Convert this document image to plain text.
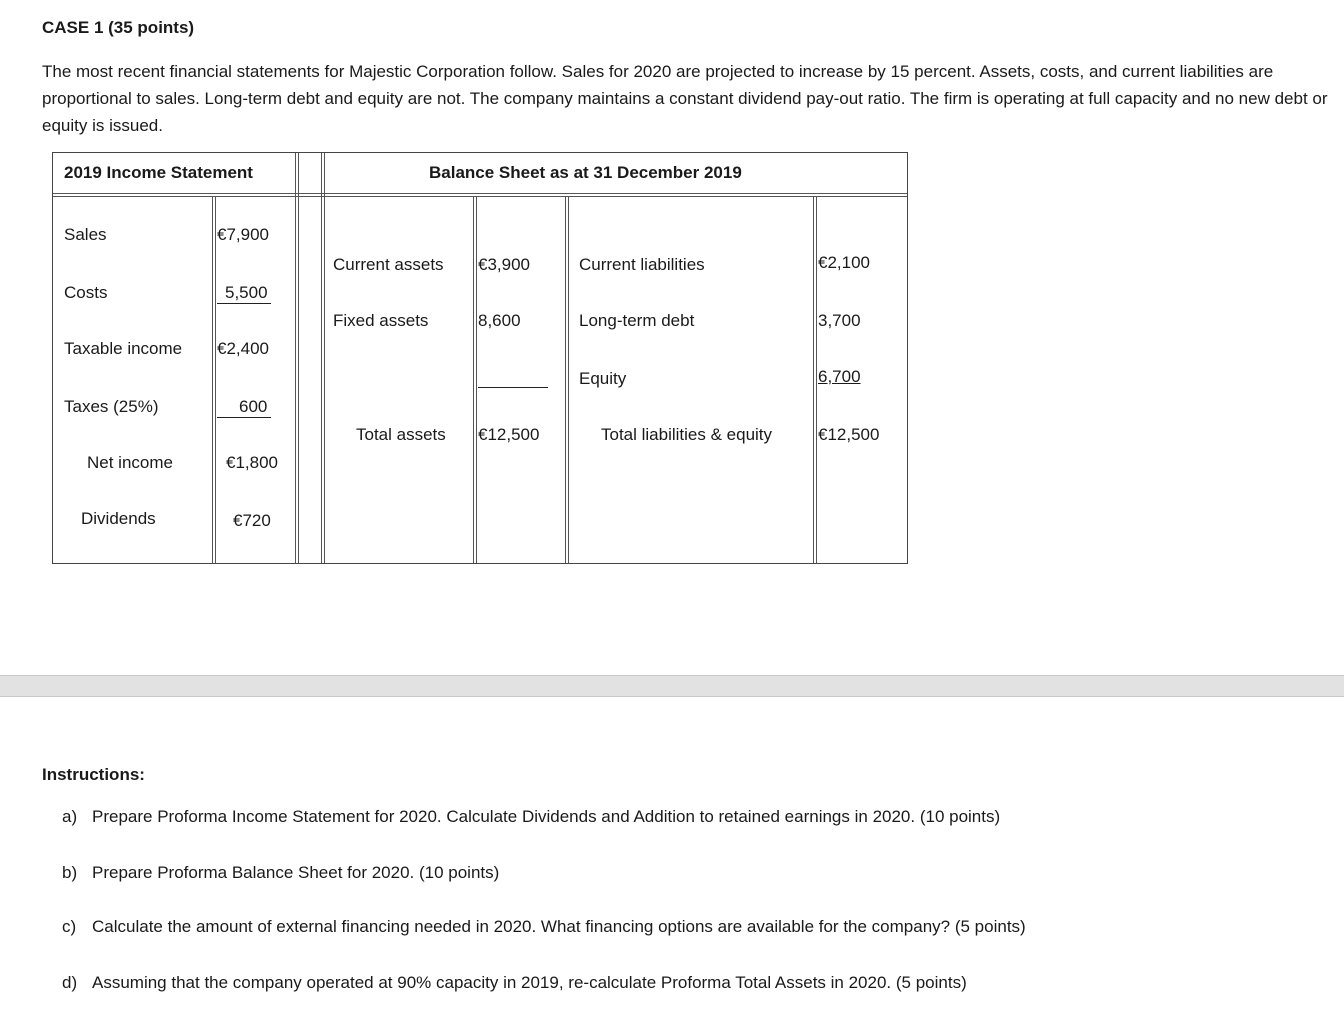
CASE 1 (35 points)
The most recent financial statements for Majestic Corporation follow. Sales for 2020 are projected to increase by 15 percent. Assets, costs, and current liabilities are proportional to sales. Long-term debt and equity are not. The company maintains a constant dividend pay-out ratio. The firm is operating at full capacity and no new debt or equity is issued.
2019 Income Statement	Balance Sheet as at 31 December 2019
Sales	€7,900
Costs	5,500
Taxable income €2,400
Taxes (25%)	600
Net income	€1,800
Dividends	€720
Current assets €3,900
Fixed assets	8,600
Total assets €12,500
Current liabilities	€2,100
Long-term debt	3,700
Equity	6,700
Total liabilities & equity	€12,500
Instructions:
a) Prepare Proforma Income Statement for 2020. Calculate Dividends and Addition to retained earnings in 2020. (10 points)
b) Prepare Proforma Balance Sheet for 2020. (10 points)
c) Calculate the amount of external financing needed in 2020. What financing options are available for the company? (5 points)
d) Assuming that the company operated at 90% capacity in 2019, re-calculate Proforma Total Assets in 2020. (5 points)
